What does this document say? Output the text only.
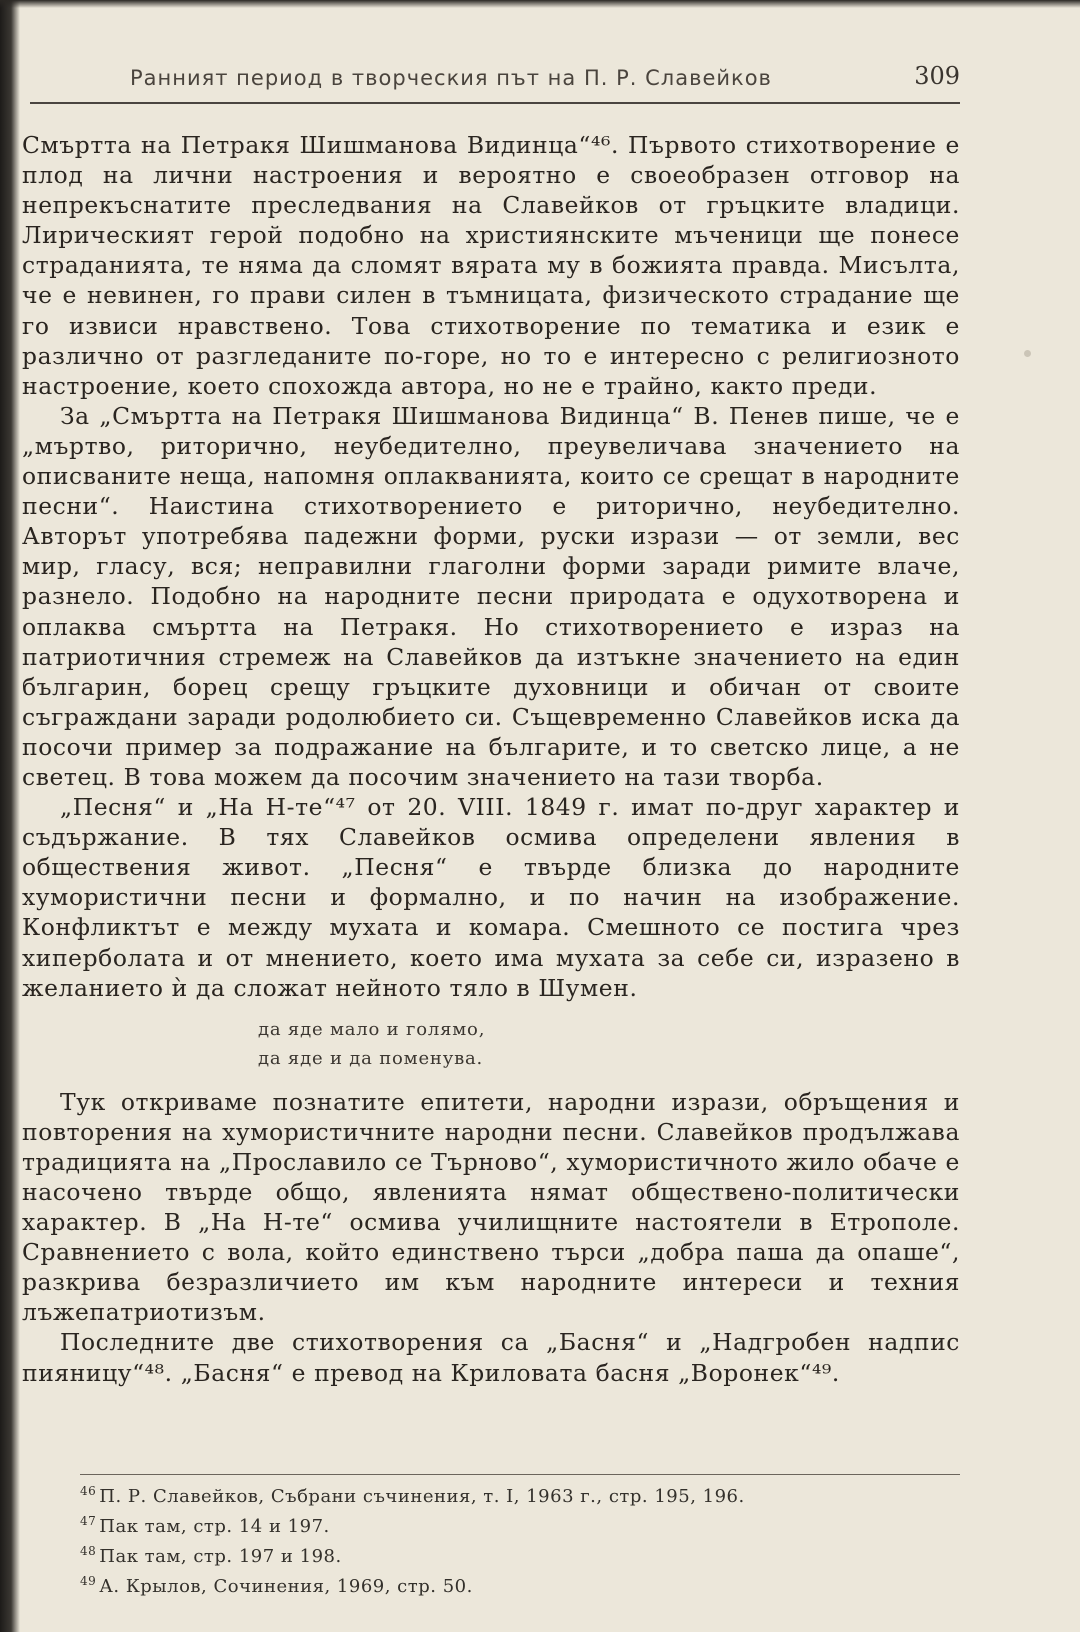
Ранният период в творческия път на П. Р. Славейков	309

Смъртта на Петракя Шишманова Видинца“⁴⁶. Първото стихотворение е плод на лични настроения и вероятно е своеобразен отговор на непрекъснатите преследвания на Славейков от гръцките владици. Лирическият герой подобно на християнските мъченици ще понесе страданията, те няма да сломят вярата му в божията правда. Мисълта, че е невинен, го прави силен в тъмницата, физическото страдание ще го извиси нравствено. Това стихотворение по тематика и език е различно от разгледаните по-горе, но то е интересно с религиозното настроение, което спохожда автора, но не е трайно, както преди.

За „Смъртта на Петракя Шишманова Видинца“ В. Пенев пише, че е „мъртво, риторично, неубедително, преувеличава значението на описваните неща, напомня оплакванията, които се срещат в народните песни“. Наистина стихотворението е риторично, неубедително. Авторът употребява падежни форми, руски изрази — от земли, вес мир, гласу, вся; неправилни глаголни форми заради римите влаче, разнело. Подобно на народните песни природата е одухотворена и оплаква смъртта на Петракя. Но стихотворението е израз на патриотичния стремеж на Славейков да изтъкне значението на един българин, борец срещу гръцките духовници и обичан от своите съграждани заради родолюбието си. Същевременно Славейков иска да посочи пример за подражание на българите, и то светско лице, а не светец. В това можем да посочим значението на тази творба.

„Песня“ и „На Н-те“⁴⁷ от 20. VIII. 1849 г. имат по-друг характер и съдържание. В тях Славейков осмива определени явления в обществения живот. „Песня“ е твърде близка до народните хумористични песни и формално, и по начин на изображение. Конфликтът е между мухата и комара. Смешното се постига чрез хиперболата и от мнението, което има мухата за себе си, изразено в желанието ѝ да сложат нейното тяло в Шумен.

да яде мало и голямо,
да яде и да поменува.

Тук откриваме познатите епитети, народни изрази, обръщения и повторения на хумористичните народни песни. Славейков продължава традицията на „Прославило се Търново“, хумористичното жило обаче е насочено твърде общо, явленията нямат обществено-политически характер. В „На Н-те“ осмива училищните настоятели в Етрополе. Сравнението с вола, който единствено търси „добра паша да опаше“, разкрива безразличието им към народните интереси и техния лъжепатриотизъм.

Последните две стихотворения са „Басня“ и „Надгробен надпис пияницу“⁴⁸. „Басня“ е превод на Криловата басня „Воронек“⁴⁹.

$^{46}$ П. Р. Славейков, Събрани съчинения, т. I, 1963 г., стр. 195, 196.
$^{47}$ Пак там, стр. 14 и 197.
$^{48}$ Пак там, стр. 197 и 198.
$^{49}$ А. Крылов, Сочинения, 1969, стр. 50.
